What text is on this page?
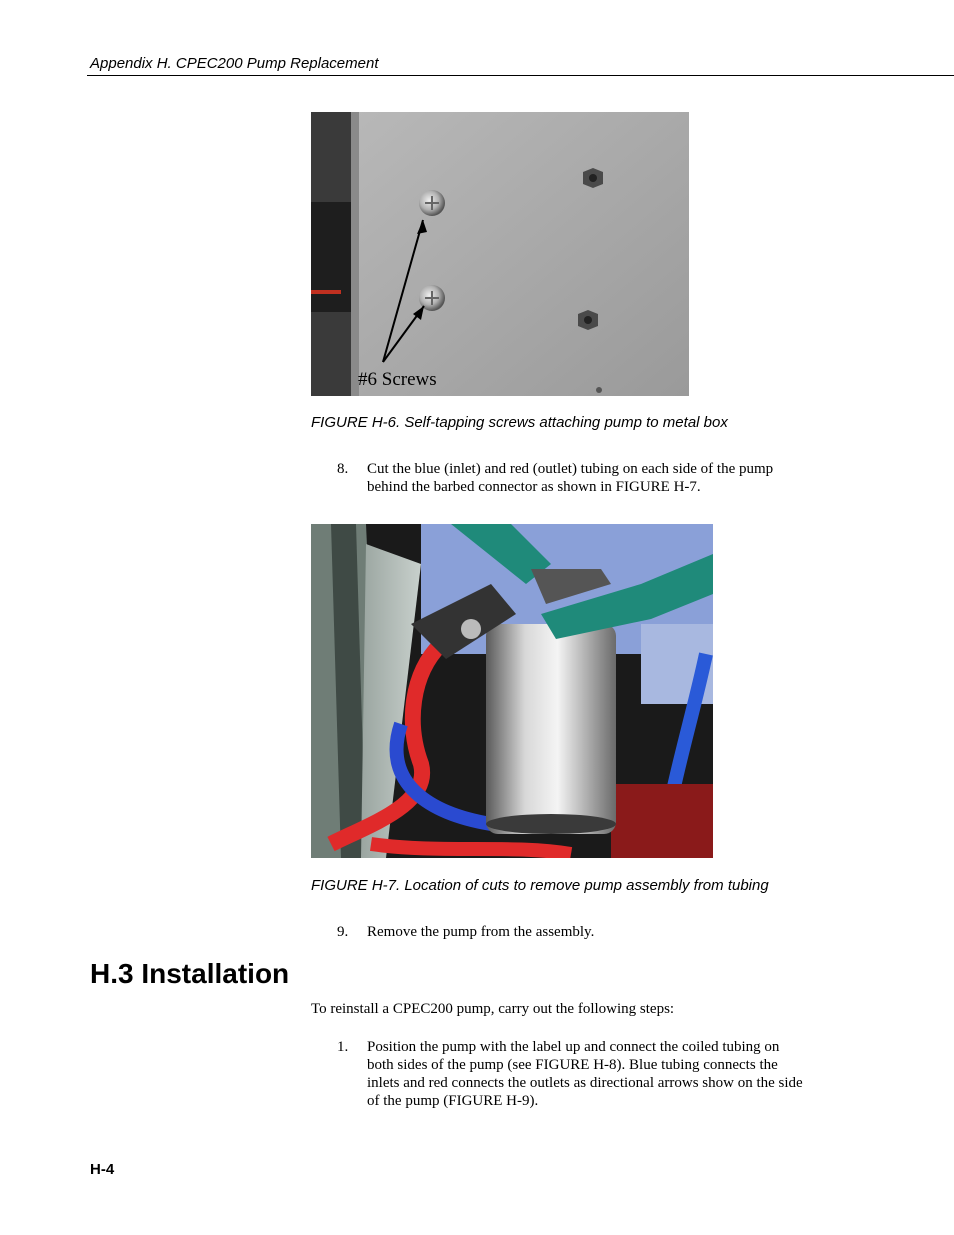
Appendix H. CPEC200 Pump Replacement
#6 Screws
FIGURE H-6. Self-tapping screws attaching pump to metal box
8.	Cut the blue (inlet) and red (outlet) tubing on each side of the pump behind the barbed connector as shown in FIGURE H-7.
FIGURE H-7. Location of cuts to remove pump assembly from tubing
9.	Remove the pump from the assembly.
H.3 Installation
To reinstall a CPEC200 pump, carry out the following steps:
1.	Position the pump with the label up and connect the coiled tubing on both sides of the pump (see FIGURE H-8). Blue tubing connects the inlets and red connects the outlets as directional arrows show on the side of the pump (FIGURE H-9).
H-4
